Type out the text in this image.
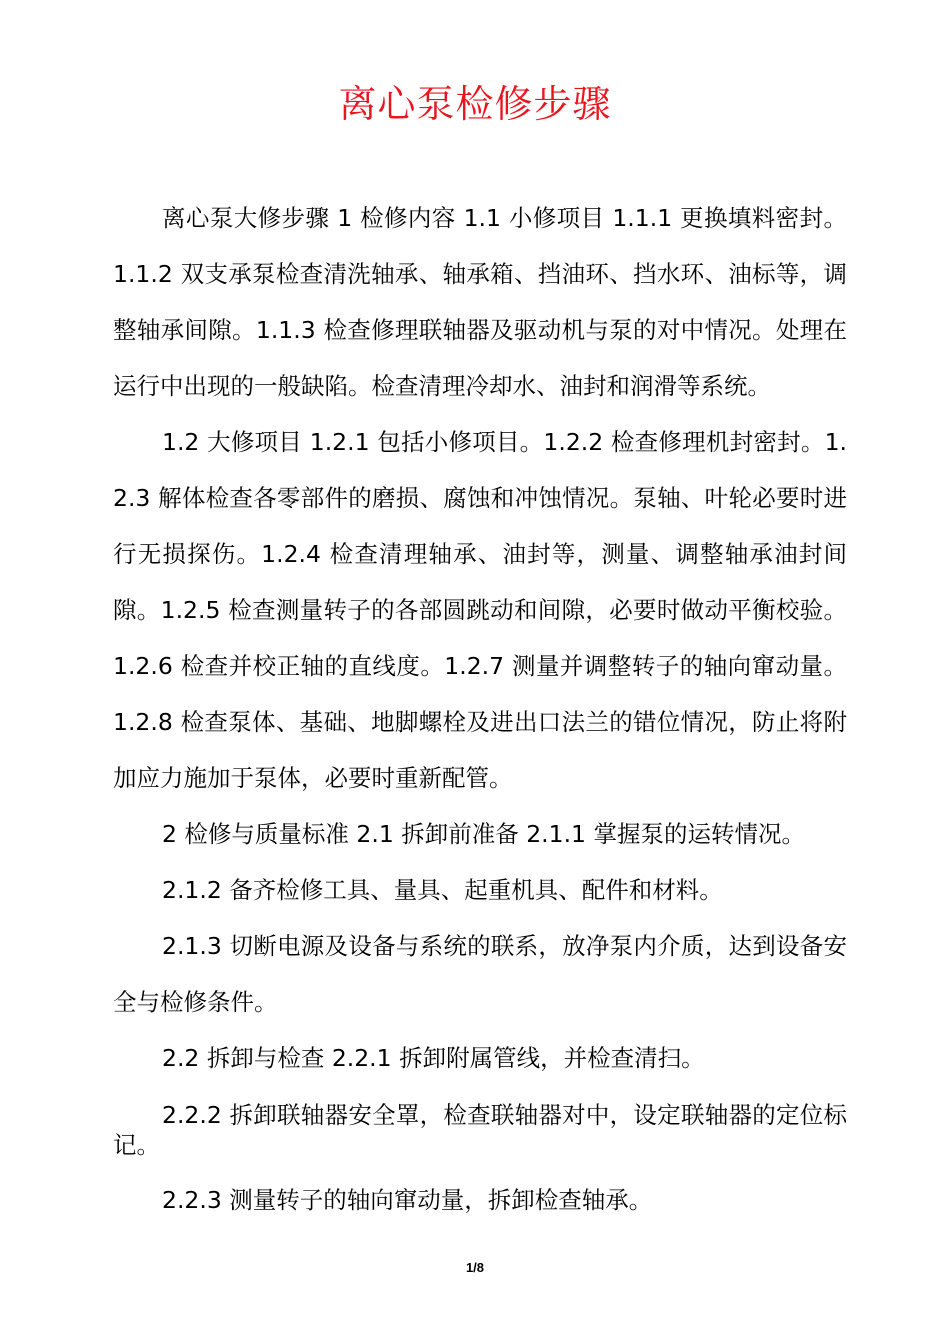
离心泵检修步骤

离心泵大修步骤 1 检修内容 1.1 小修项目 1.1.1 更换填料密封。1.1.2 双支承泵检查清洗轴承、轴承箱、挡油环、挡水环、油标等，调整轴承间隙。1.1.3 检查修理联轴器及驱动机与泵的对中情况。处理在运行中出现的一般缺陷。检查清理冷却水、油封和润滑等系统。

1.2 大修项目 1.2.1 包括小修项目。1.2.2 检查修理机封密封。1.2.3 解体检查各零部件的磨损、腐蚀和冲蚀情况。泵轴、叶轮必要时进行无损探伤。1.2.4 检查清理轴承、油封等，测量、调整轴承油封间隙。1.2.5 检查测量转子的各部圆跳动和间隙，必要时做动平衡校验。1.2.6 检查并校正轴的直线度。1.2.7 测量并调整转子的轴向窜动量。1.2.8 检查泵体、基础、地脚螺栓及进出口法兰的错位情况，防止将附加应力施加于泵体，必要时重新配管。

2 检修与质量标准 2.1 拆卸前准备 2.1.1 掌握泵的运转情况。

2.1.2 备齐检修工具、量具、起重机具、配件和材料。

2.1.3 切断电源及设备与系统的联系，放净泵内介质，达到设备安全与检修条件。

2.2 拆卸与检查 2.2.1 拆卸附属管线，并检查清扫。

2.2.2 拆卸联轴器安全罩，检查联轴器对中，设定联轴器的定位标记。

2.2.3 测量转子的轴向窜动量，拆卸检查轴承。

1/8
